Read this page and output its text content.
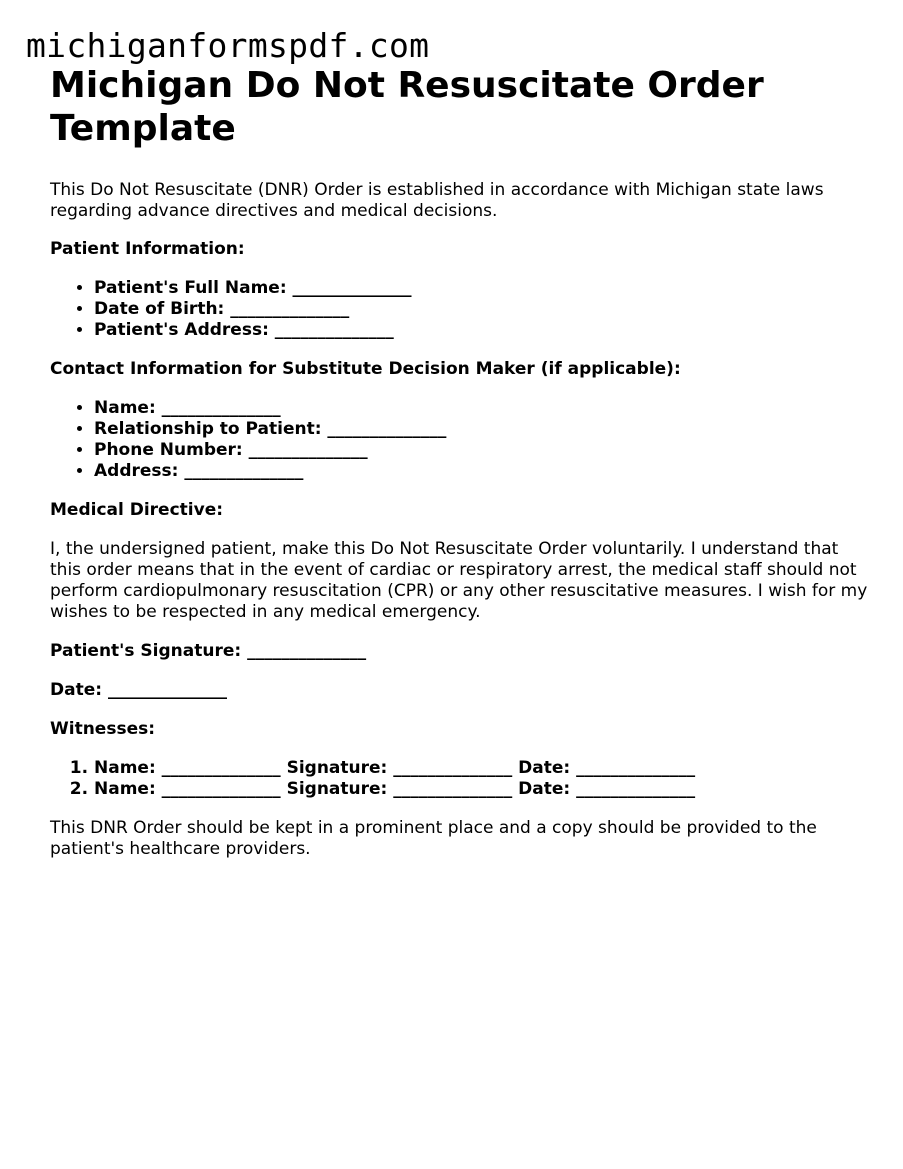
michiganformspdf.com
Michigan Do Not Resuscitate Order Template

This Do Not Resuscitate (DNR) Order is established in accordance with Michigan state laws regarding advance directives and medical decisions.

Patient Information:

• Patient's Full Name: ______________
• Date of Birth: ______________
• Patient's Address: ______________

Contact Information for Substitute Decision Maker (if applicable):

• Name: ______________
• Relationship to Patient: ______________
• Phone Number: ______________
• Address: ______________

Medical Directive:

I, the undersigned patient, make this Do Not Resuscitate Order voluntarily. I understand that this order means that in the event of cardiac or respiratory arrest, the medical staff should not perform cardiopulmonary resuscitation (CPR) or any other resuscitative measures. I wish for my wishes to be respected in any medical emergency.

Patient's Signature: ______________

Date: ______________

Witnesses:

1. Name: ______________ Signature: ______________ Date: ______________
2. Name: ______________ Signature: ______________ Date: ______________

This DNR Order should be kept in a prominent place and a copy should be provided to the patient's healthcare providers.
